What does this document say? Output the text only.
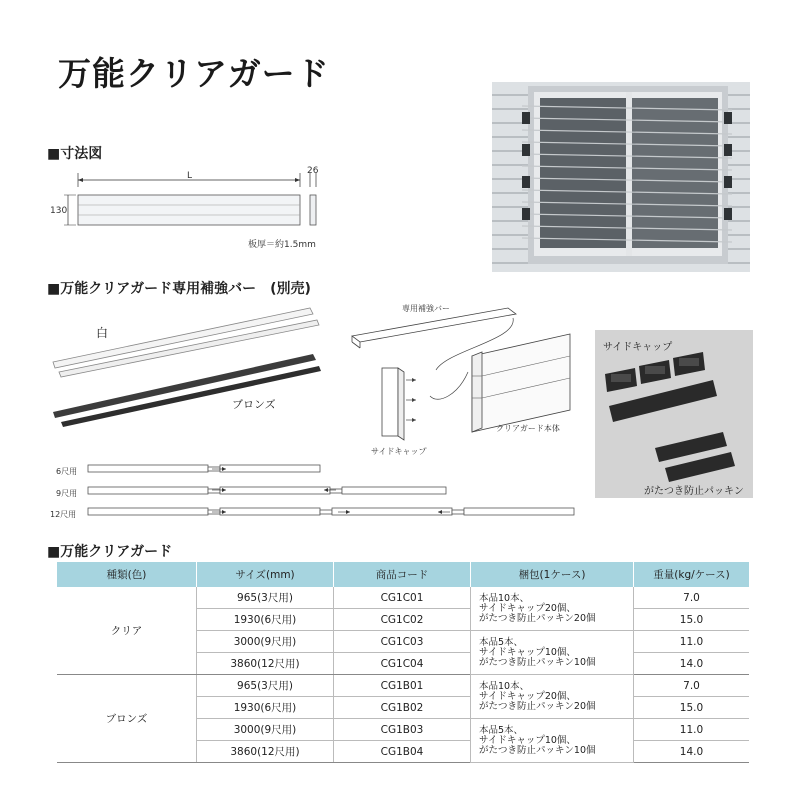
万能クリアガード
■寸法図
L	26
130
板厚＝約1.5mm
■万能クリアガード専用補強バー　(別売)
白
ブロンズ
専用補強バー
サイドキャップ
クリアガード本体
サイドキャップ
がたつき防止パッキン
6尺用
9尺用
12尺用
■万能クリアガード
種類(色)	サイズ(mm)	商品コード	梱包(1ケース)	重量(kg/ケース)
クリア	965(3尺用)	CG1C01	本品10本、
サイドキャップ20個、
がたつき防止パッキン20個	7.0
	1930(6尺用)	CG1C02		15.0
	3000(9尺用)	CG1C03	本品5本、
サイドキャップ10個、
がたつき防止パッキン10個	11.0
	3860(12尺用)	CG1C04		14.0
ブロンズ	965(3尺用)	CG1B01	本品10本、
サイドキャップ20個、
がたつき防止パッキン20個	7.0
	1930(6尺用)	CG1B02		15.0
	3000(9尺用)	CG1B03	本品5本、
サイドキャップ10個、
がたつき防止パッキン10個	11.0
	3860(12尺用)	CG1B04		14.0
